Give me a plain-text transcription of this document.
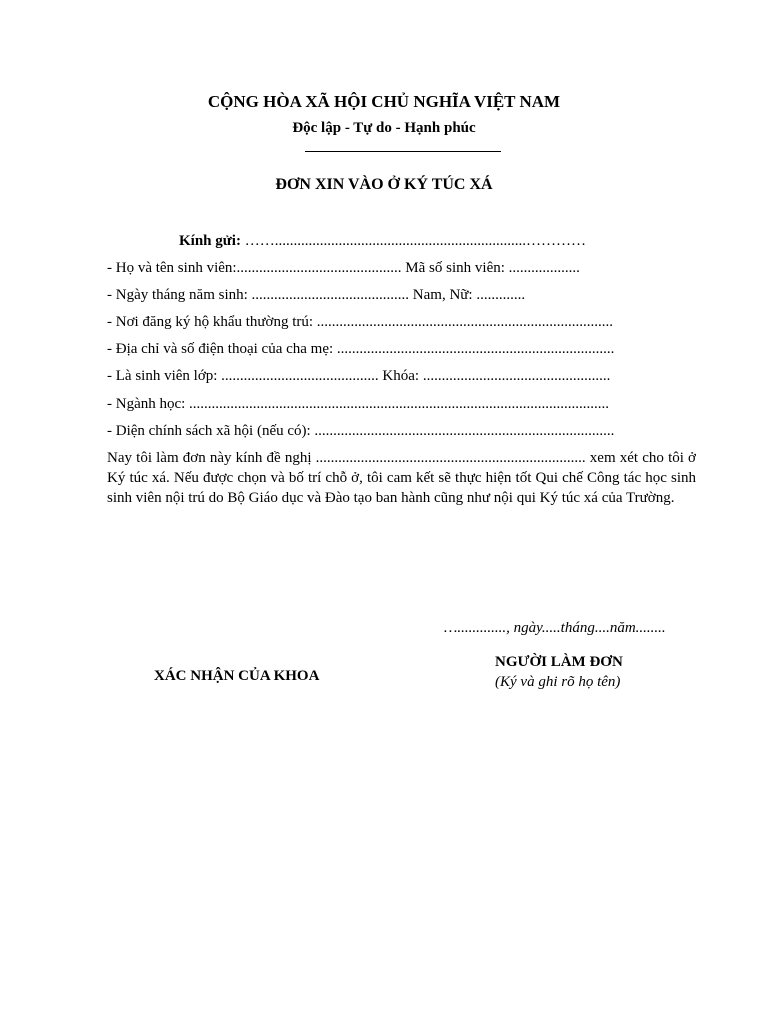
CỘNG HÒA XÃ HỘI CHỦ NGHĨA VIỆT NAM
Độc lập - Tự do - Hạnh phúc
ĐƠN XIN VÀO Ở KÝ TÚC XÁ
Kính gửi: ……...................................................................…………
- Họ và tên sinh viên:............................................ Mã số sinh viên: ...................
- Ngày tháng năm sinh: .......................................... Nam, Nữ: .............
- Nơi đăng ký hộ khẩu thường trú: ...............................................................................
- Địa chỉ và số điện thoại của cha mẹ: ..........................................................................
- Là sinh viên lớp: .......................................... Khóa: ..................................................
- Ngành học: ................................................................................................................
- Diện chính sách xã hội (nếu có): ................................................................................
Nay tôi làm đơn này kính đề nghị ........................................................................ xem xét cho tôi ở Ký túc xá. Nếu được chọn và bố trí chỗ ở, tôi cam kết sẽ thực hiện tốt Qui chế Công tác học sinh sinh viên nội trú do Bộ Giáo dục và Đào tạo ban hành cũng như nội qui Ký túc xá của Trường.
…............., ngày.....tháng....năm........
XÁC NHẬN CỦA KHOA
NGƯỜI LÀM ĐƠN
(Ký và ghi rõ họ tên)
